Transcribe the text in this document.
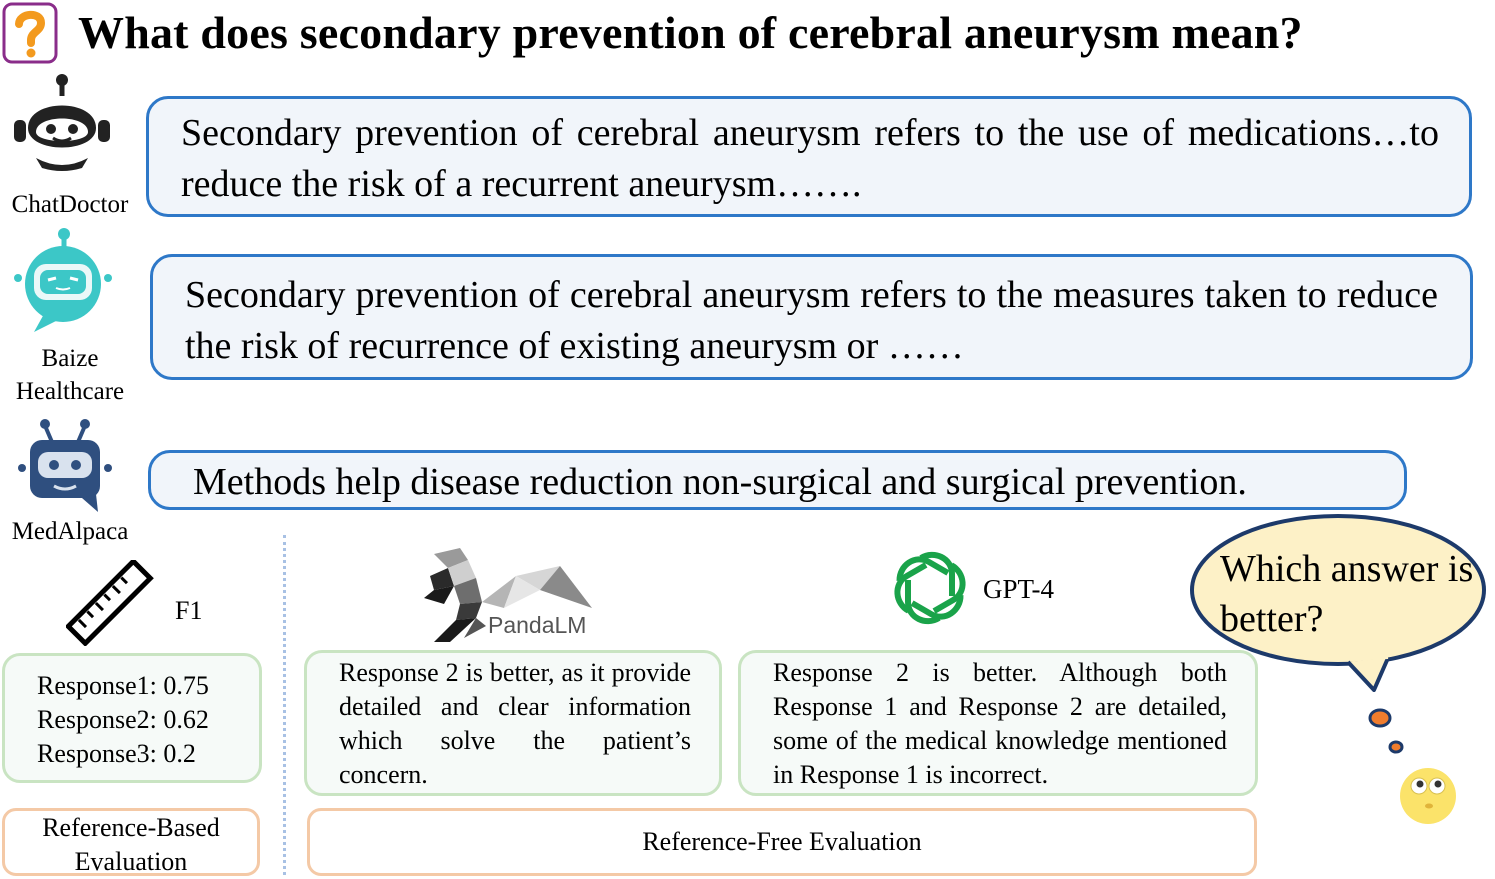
What does secondary prevention of cerebral aneurysm mean?
ChatDoctor
Baize Healthcare
MedAlpaca

Secondary prevention of cerebral aneurysm refers to the use of medications…to reduce the risk of a recurrent aneurysm…….

Secondary prevention of cerebral aneurysm refers to the measures taken to reduce the risk of recurrence of existing aneurysm or ……

Methods help disease reduction non-surgical and surgical prevention.

F1
Response1: 0.75
Response2: 0.62
Response3: 0.2
Reference-Based Evaluation
PandaLM

Response 2 is better, as it provide detailed and clear information which solve the patient’s concern.

GPT-4

Response 2 is better. Although both Response 1 and Response 2 are detailed, some of the medical knowledge mentioned in Response 1 is incorrect.

Reference-Free Evaluation
Which answer is better?
